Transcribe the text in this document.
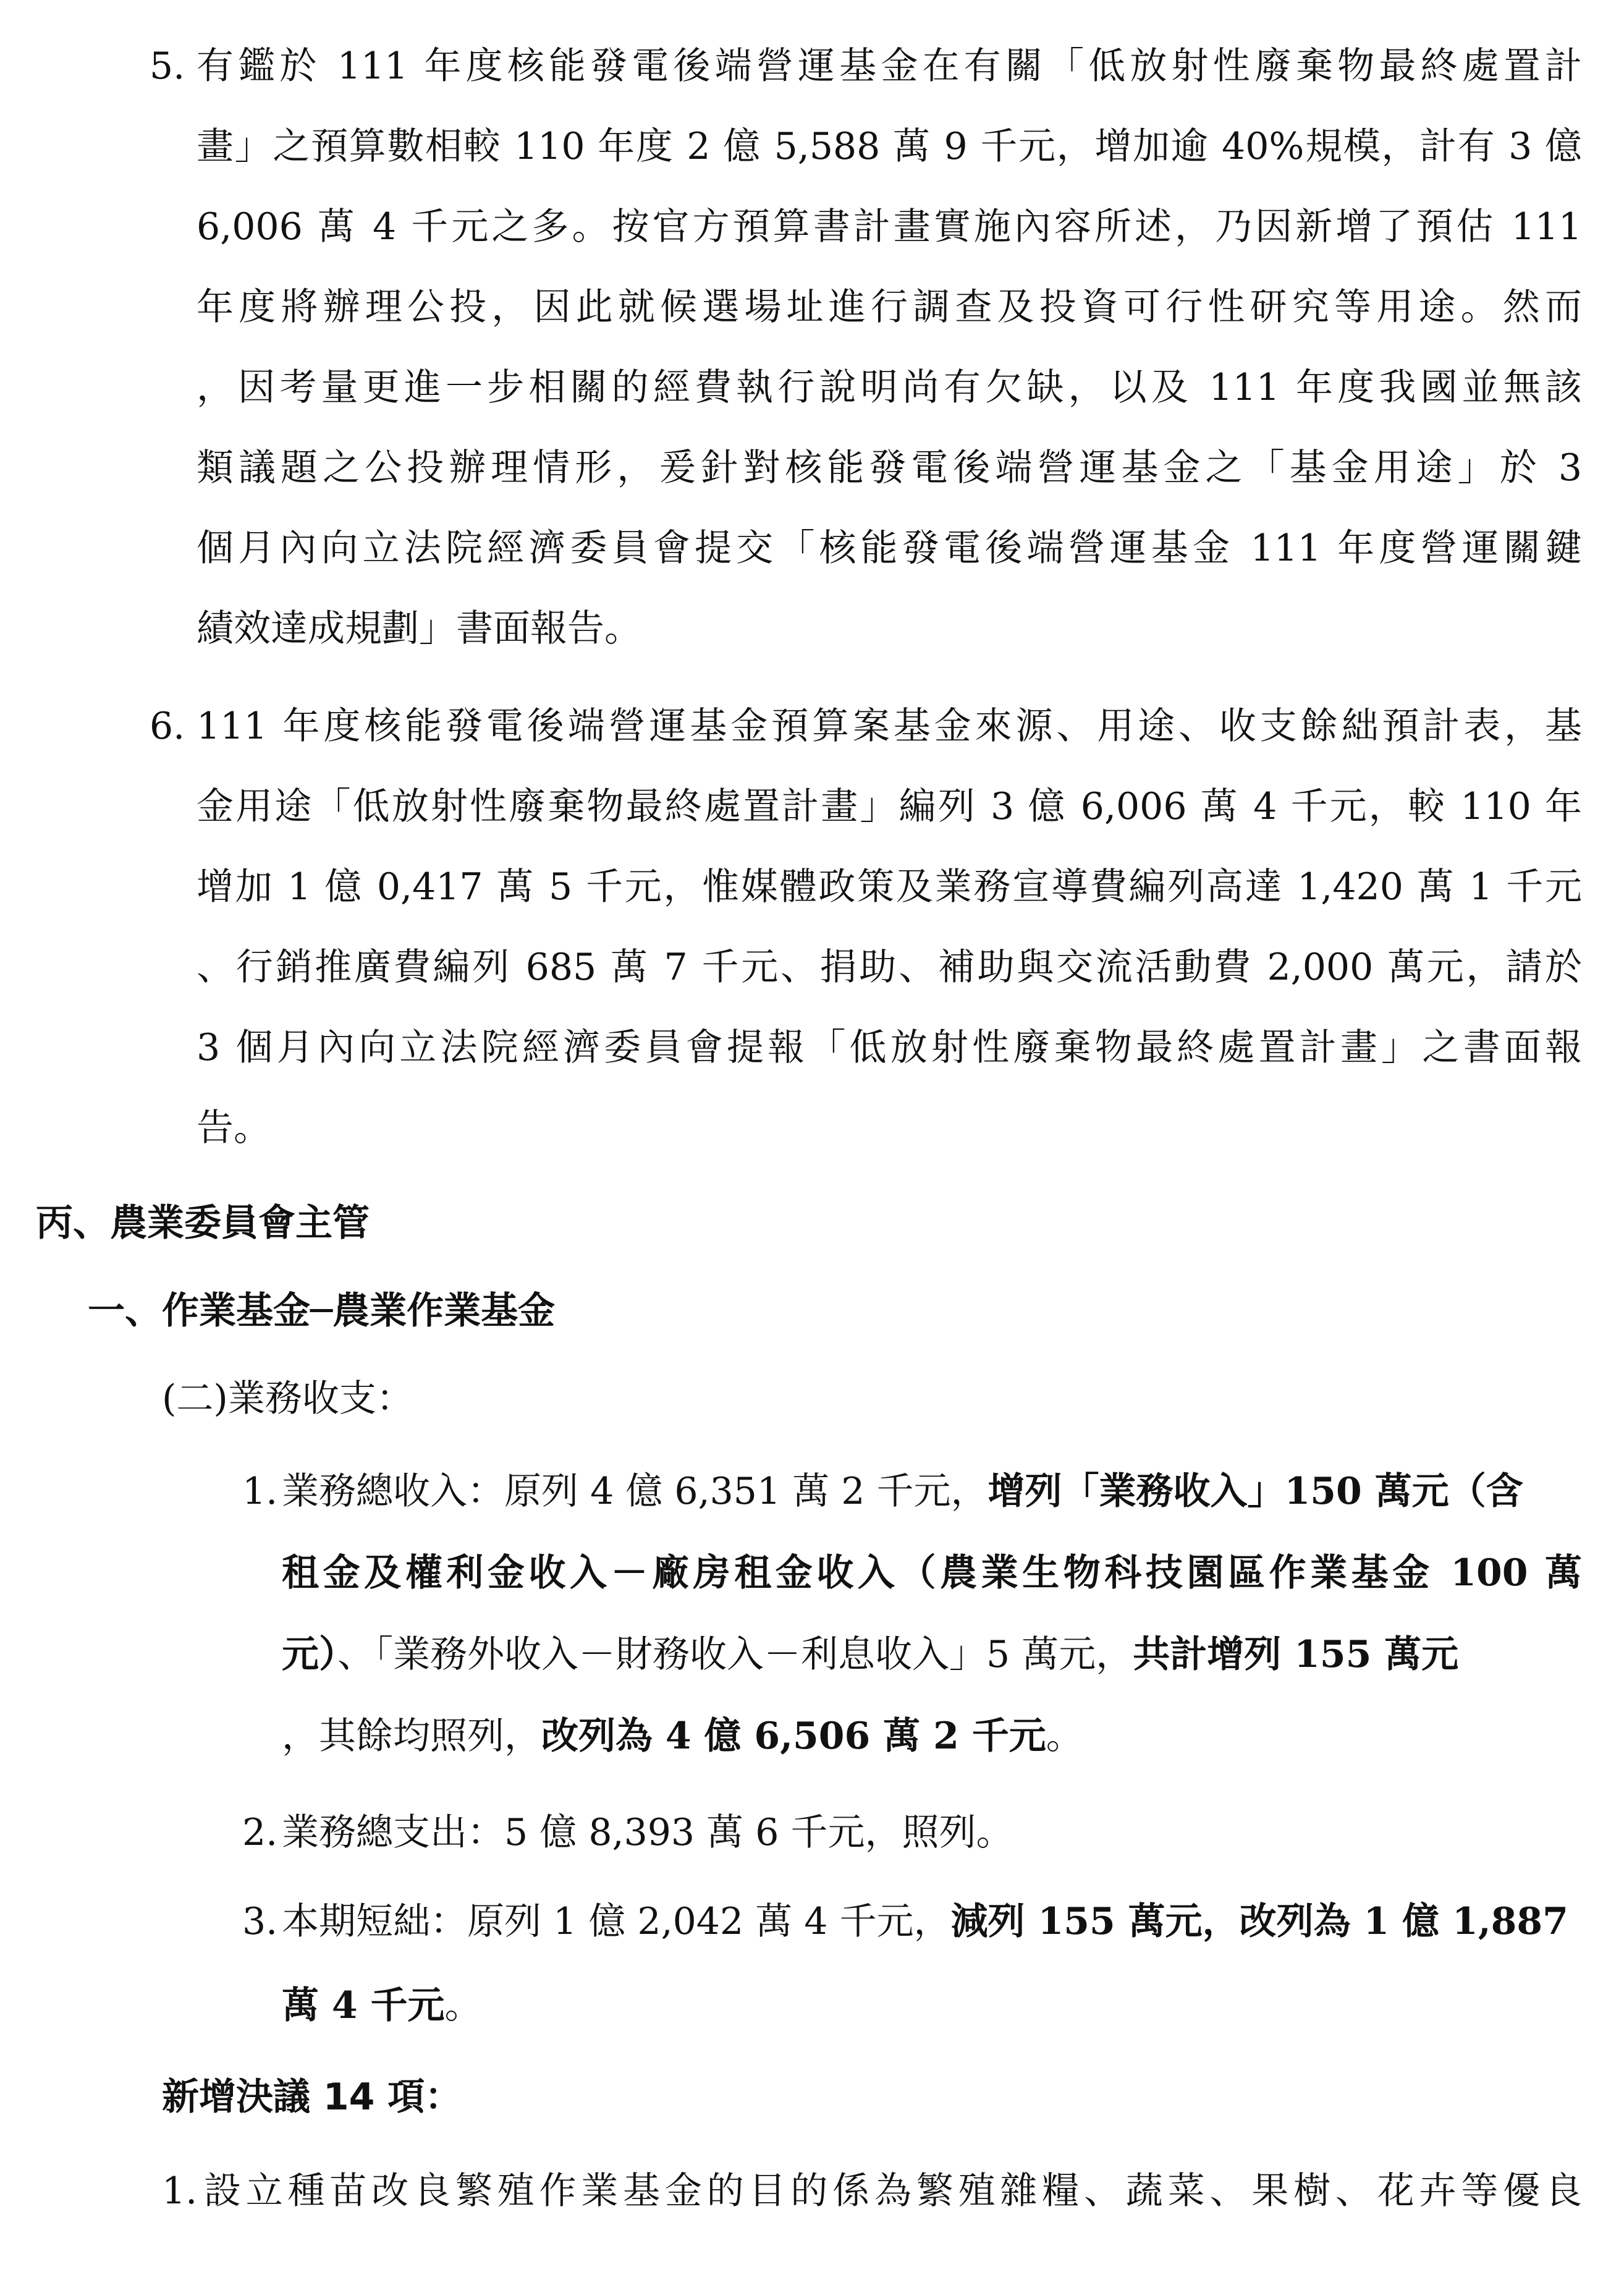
5. 有鑑於 111 年度核能發電後端營運基金在有關「低放射性廢棄物最終處置計
畫」之預算數相較 110 年度 2 億 5,588 萬 9 千元，增加逾 40%規模，計有 3 億
6,006 萬 4 千元之多。按官方預算書計畫實施內容所述，乃因新增了預估 111
年度將辦理公投，因此就候選場址進行調查及投資可行性研究等用途。然而
，因考量更進一步相關的經費執行說明尚有欠缺，以及 111 年度我國並無該
類議題之公投辦理情形，爰針對核能發電後端營運基金之「基金用途」於 3
個月內向立法院經濟委員會提交「核能發電後端營運基金 111 年度營運關鍵
績效達成規劃」書面報告。
6. 111 年度核能發電後端營運基金預算案基金來源、用途、收支餘絀預計表，基
金用途「低放射性廢棄物最終處置計畫」編列 3 億 6,006 萬 4 千元，較 110 年
增加 1 億 0,417 萬 5 千元，惟媒體政策及業務宣導費編列高達 1,420 萬 1 千元
、行銷推廣費編列 685 萬 7 千元、捐助、補助與交流活動費 2,000 萬元，請於
3 個月內向立法院經濟委員會提報「低放射性廢棄物最終處置計畫」之書面報
告。
丙、農業委員會主管
一、作業基金─農業作業基金
(二)業務收支：
1. 業務總收入：原列 4 億 6,351 萬 2 千元，增列「業務收入」150 萬元（含
租金及權利金收入－廠房租金收入（農業生物科技園區作業基金 100 萬
元）、「業務外收入－財務收入－利息收入」5 萬元，共計增列 155 萬元
，其餘均照列，改列為 4 億 6,506 萬 2 千元。
2. 業務總支出：5 億 8,393 萬 6 千元，照列。
3. 本期短絀：原列 1 億 2,042 萬 4 千元，減列 155 萬元，改列為 1 億 1,887
萬 4 千元。
新增決議 14 項：
1. 設立種苗改良繁殖作業基金的目的係為繁殖雜糧、蔬菜、果樹、花卉等優良
